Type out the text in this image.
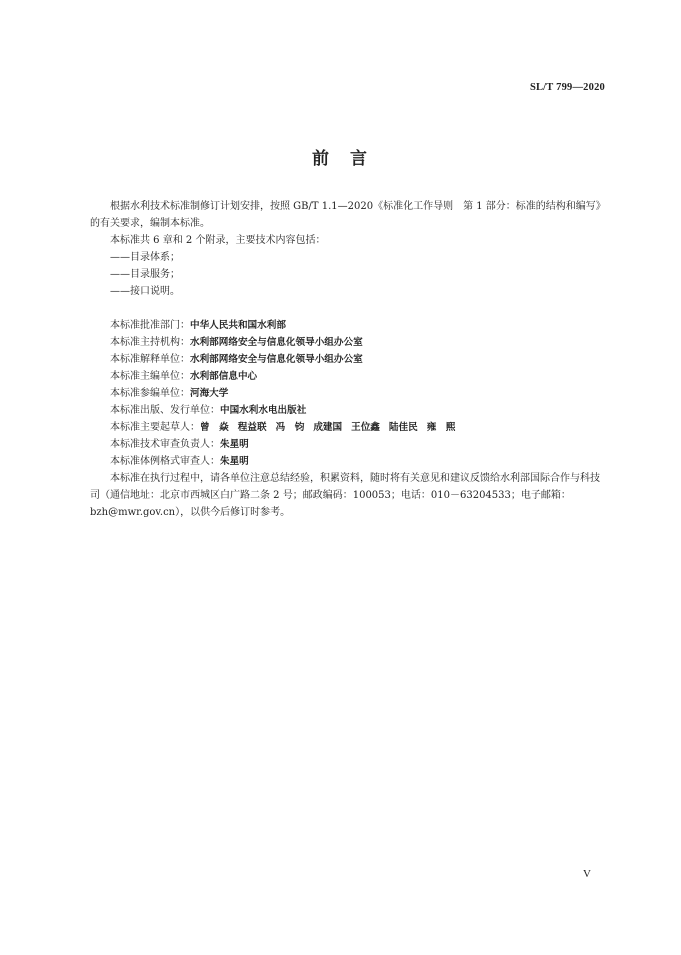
SL/T 799—2020
前　言

根据水利技术标准制修订计划安排，按照 GB/T 1.1—2020《标准化工作导则　第 1 部分：标准的结构和编写》的有关要求，编制本标准。

本标准共 6 章和 2 个附录，主要技术内容包括：

——目录体系；

——目录服务；

——接口说明。

本标准批准部门：中华人民共和国水利部

本标准主持机构：水利部网络安全与信息化领导小组办公室

本标准解释单位：水利部网络安全与信息化领导小组办公室

本标准主编单位：水利部信息中心

本标准参编单位：河海大学

本标准出版、发行单位：中国水利水电出版社

本标准主要起草人：曾　焱 程益联 冯　钧 成建国 王位鑫 陆佳民 雍　熙

本标准技术审查负责人：朱星明

本标准体例格式审查人：朱星明

本标准在执行过程中，请各单位注意总结经验，积累资料，随时将有关意见和建议反馈给水利部国际合作与科技司（通信地址：北京市西城区白广路二条 2 号；邮政编码：100053；电话：010－63204533；电子邮箱：bzh@mwr.gov.cn），以供今后修订时参考。

V
